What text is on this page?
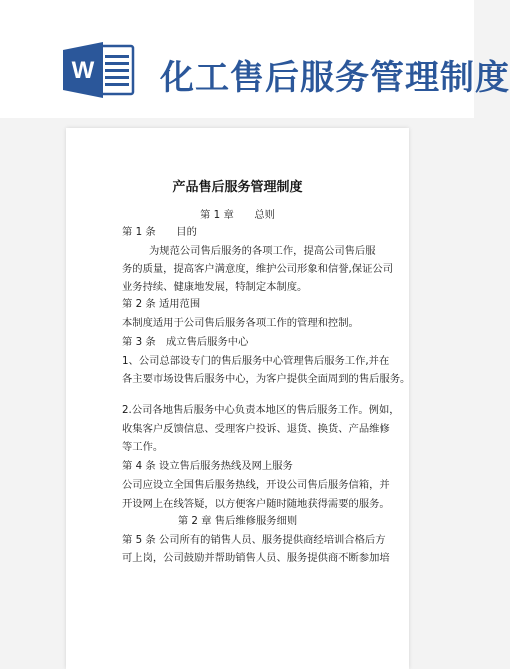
W 化工售后服务管理制度
产品售后服务管理制度
第 1 章　　总则
第 1 条　　目的
为规范公司售后服务的各项工作，提高公司售后服
务的质量，提高客户满意度，维护公司形象和信誉,保证公司
业务持续、健康地发展，特制定本制度。
第 2 条 适用范围
本制度适用于公司售后服务各项工作的管理和控制。
第 3 条　成立售后服务中心
1、公司总部设专门的售后服务中心管理售后服务工作,并在
各主要市场设售后服务中心，为客户提供全面周到的售后服务。
2.公司各地售后服务中心负责本地区的售后服务工作。例如，
收集客户反馈信息、受理客户投诉、退货、换货、产品维修
等工作。
第 4 条 设立售后服务热线及网上服务
公司应设立全国售后服务热线，开设公司售后服务信箱，并
开设网上在线答疑，以方便客户随时随地获得需要的服务。
第 2 章 售后维修服务细则
第 5 条 公司所有的销售人员、服务提供商经培训合格后方
可上岗，公司鼓励并帮助销售人员、服务提供商不断参加培
